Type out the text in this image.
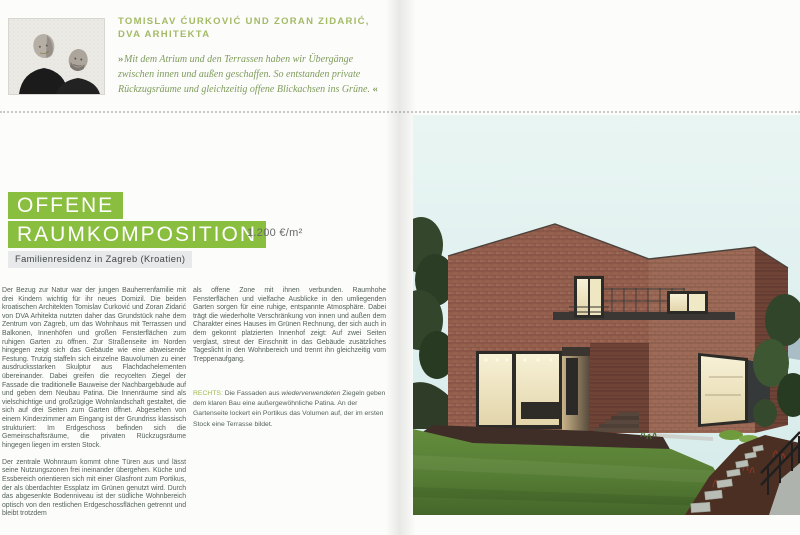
TOMISLAV ĆURKOVIĆ UND ZORAN ZIDARIĆ,
DVA ARHITEKTA
» Mit dem Atrium und den Terrassen haben wir Übergänge zwischen innen und außen geschaffen. So entstanden private Rückzugsräume und gleichzeitig offene Blickachsen ins Grüne. «
OFFENE
RAUMKOMPOSITION
1.200 €/m²
Familienresidenz in Zagreb (Kroatien)

Der Bezug zur Natur war der jungen Bauherrenfamilie mit drei Kindern wichtig für ihr neues Domizil. Die beiden kroatischen Architekten Tomislav Ćurković und Zoran Zidarić von DVA Arhitekta nutzten daher das Grundstück nahe dem Zentrum von Zagreb, um das Wohnhaus mit Terrassen und Balkonen, Innenhöfen und großen Fensterflächen zum ruhigen Garten zu öffnen. Zur Straßenseite im Norden hingegen zeigt sich das Gebäude wie eine abweisende Festung. Trutzig staffeln sich einzelne Bauvolumen zu einer ausdrucksstarken Skulptur aus Flachdachelementen übereinander. Dabei greifen die recycelten Ziegel der Fassade die traditionelle Bauweise der Nachbargebäude auf und geben dem Neubau Patina. Die Innenräume sind als vielschichtige und großzügige Wohnlandschaft gestaltet, die sich auf drei Seiten zum Garten öffnet. Abgesehen von einem Kinderzimmer am Eingang ist der Grundriss klassisch strukturiert: Im Erdgeschoss befinden sich die Gemeinschaftsräume, die privaten Rückzugsräume hingegen liegen im ersten Stock.

Der zentrale Wohnraum kommt ohne Türen aus und lässt seine Nutzungszonen frei ineinander übergehen. Küche und Essbereich orientieren sich mit einer Glasfront zum Portikus, der als überdachter Essplatz im Grünen genutzt wird. Durch das abgesenkte Bodenniveau ist der südliche Wohnbereich optisch von den restlichen Erdgeschossflächen getrennt und bleibt trotzdem

als offene Zone mit ihnen verbunden. Raumhohe Fensterflächen und vielfache Ausblicke in den umliegenden Garten sorgen für eine ruhige, entspannte Atmosphäre. Dabei trägt die wiederholte Verschränkung von innen und außen dem Charakter eines Hauses im Grünen Rechnung, der sich auch in dem gekonnt platzierten Innenhof zeigt: Auf zwei Seiten verglast, streut der Einschnitt in das Gebäude zusätzliches Tageslicht in den Wohnbereich und trennt ihn gleichzeitig vom Treppenaufgang.

RECHTS: Die Fassaden aus wiederverwendeten Ziegeln geben dem klaren Bau eine außergewöhnliche Patina. An der Gartenseite lockert ein Portikus das Volumen auf, der im ersten Stock eine Terrasse bildet.
